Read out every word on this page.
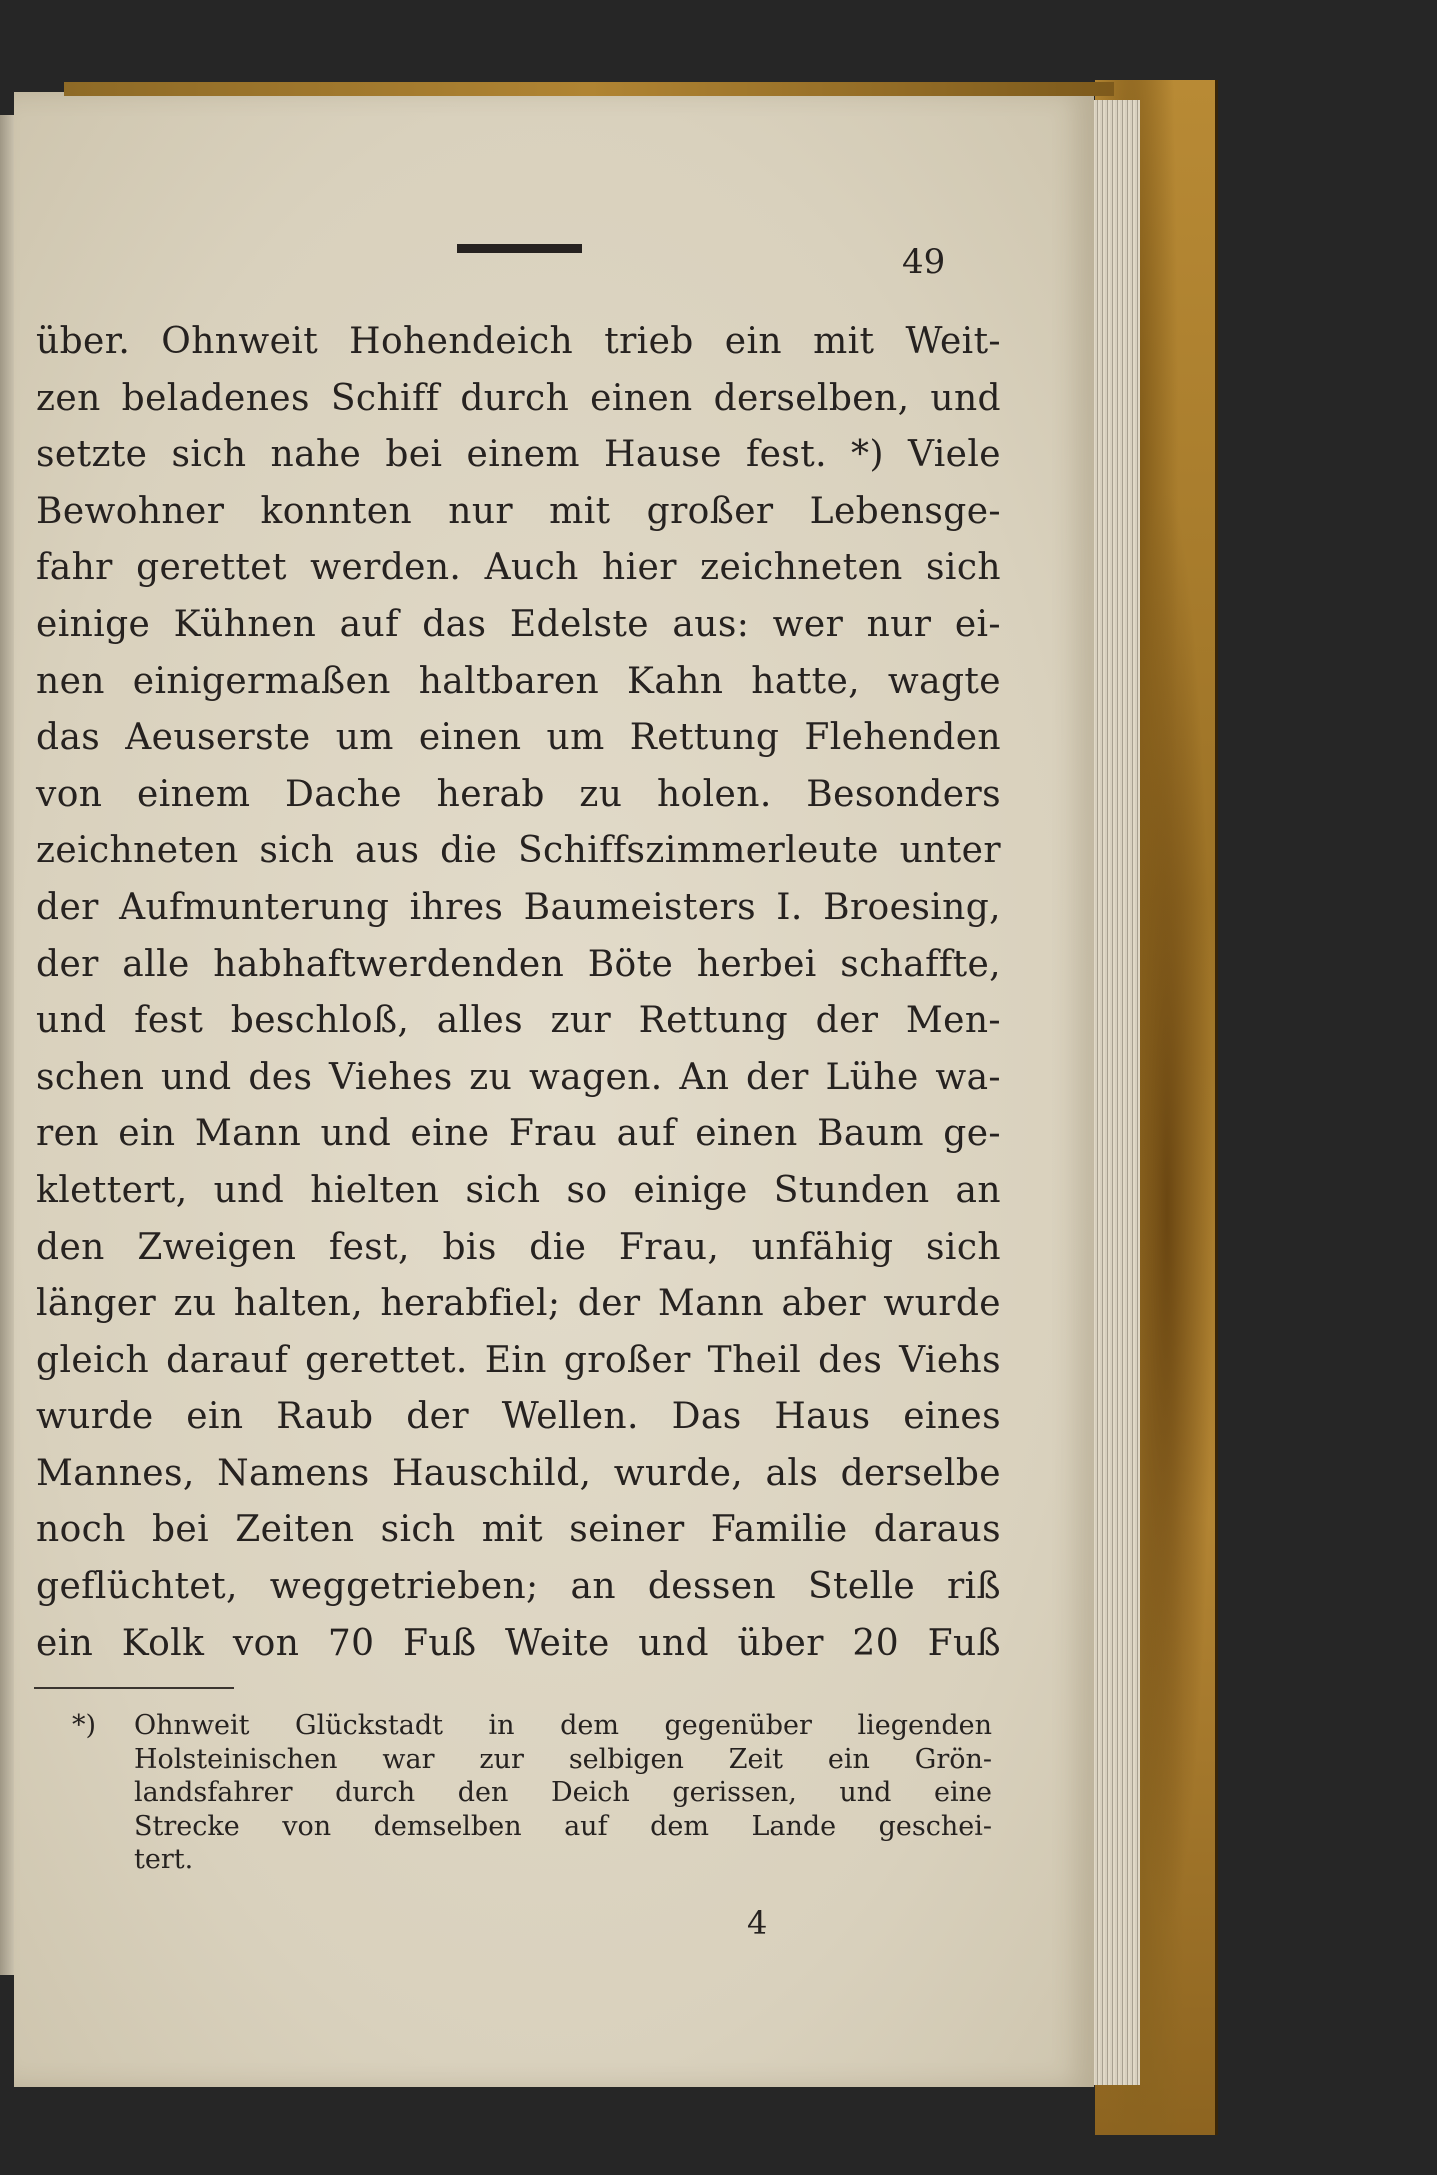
49
über. Ohnweit Hohendeich trieb ein mit Weit-
zen beladenes Schiff durch einen derselben, und
setzte sich nahe bei einem Hause fest. *) Viele
Bewohner konnten nur mit großer Lebensge-
fahr gerettet werden. Auch hier zeichneten sich
einige Kühnen auf das Edelste aus: wer nur ei-
nen einigermaßen haltbaren Kahn hatte, wagte
das Aeuserste um einen um Rettung Flehenden
von einem Dache herab zu holen. Besonders
zeichneten sich aus die Schiffszimmerleute unter
der Aufmunterung ihres Baumeisters I. Broesing,
der alle habhaftwerdenden Böte herbei schaffte,
und fest beschloß, alles zur Rettung der Men-
schen und des Viehes zu wagen. An der Lühe wa-
ren ein Mann und eine Frau auf einen Baum ge-
klettert, und hielten sich so einige Stunden an
den Zweigen fest, bis die Frau, unfähig sich
länger zu halten, herabfiel; der Mann aber wurde
gleich darauf gerettet. Ein großer Theil des Viehs
wurde ein Raub der Wellen. Das Haus eines
Mannes, Namens Hauschild, wurde, als derselbe
noch bei Zeiten sich mit seiner Familie daraus
geflüchtet, weggetrieben; an dessen Stelle riß
ein Kolk von 70 Fuß Weite und über 20 Fuß
*)	Ohnweit Glückstadt in dem gegenüber liegenden
Holsteinischen war zur selbigen Zeit ein Grön-
landsfahrer durch den Deich gerissen, und eine
Strecke von demselben auf dem Lande geschei-
tert.
4
